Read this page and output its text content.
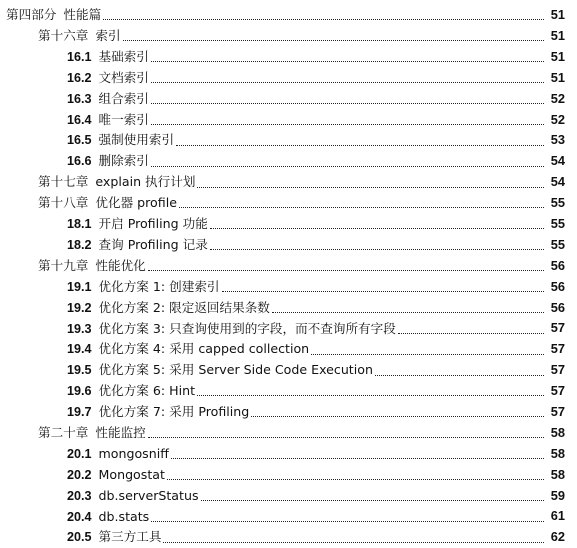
第四部分 性能篇	51
第十六章 索引	51
16.1 基础索引	51
16.2 文档索引	51
16.3 组合索引	52
16.4 唯一索引	52
16.5 强制使用索引	53
16.6 删除索引	54
第十七章 explain 执行计划	54
第十八章 优化器 profile	55
18.1 开启 Profiling 功能	55
18.2 查询 Profiling 记录	55
第十九章 性能优化	56
19.1 优化方案 1: 创建索引	56
19.2 优化方案 2: 限定返回结果条数	56
19.3 优化方案 3: 只查询使用到的字段，而不查询所有字段	57
19.4 优化方案 4: 采用 capped collection	57
19.5 优化方案 5: 采用 Server Side Code Execution	57
19.6 优化方案 6: Hint	57
19.7 优化方案 7: 采用 Profiling	57
第二十章 性能监控	58
20.1 mongosniff	58
20.2 Mongostat	58
20.3 db.serverStatus	59
20.4 db.stats	61
20.5 第三方工具	62
